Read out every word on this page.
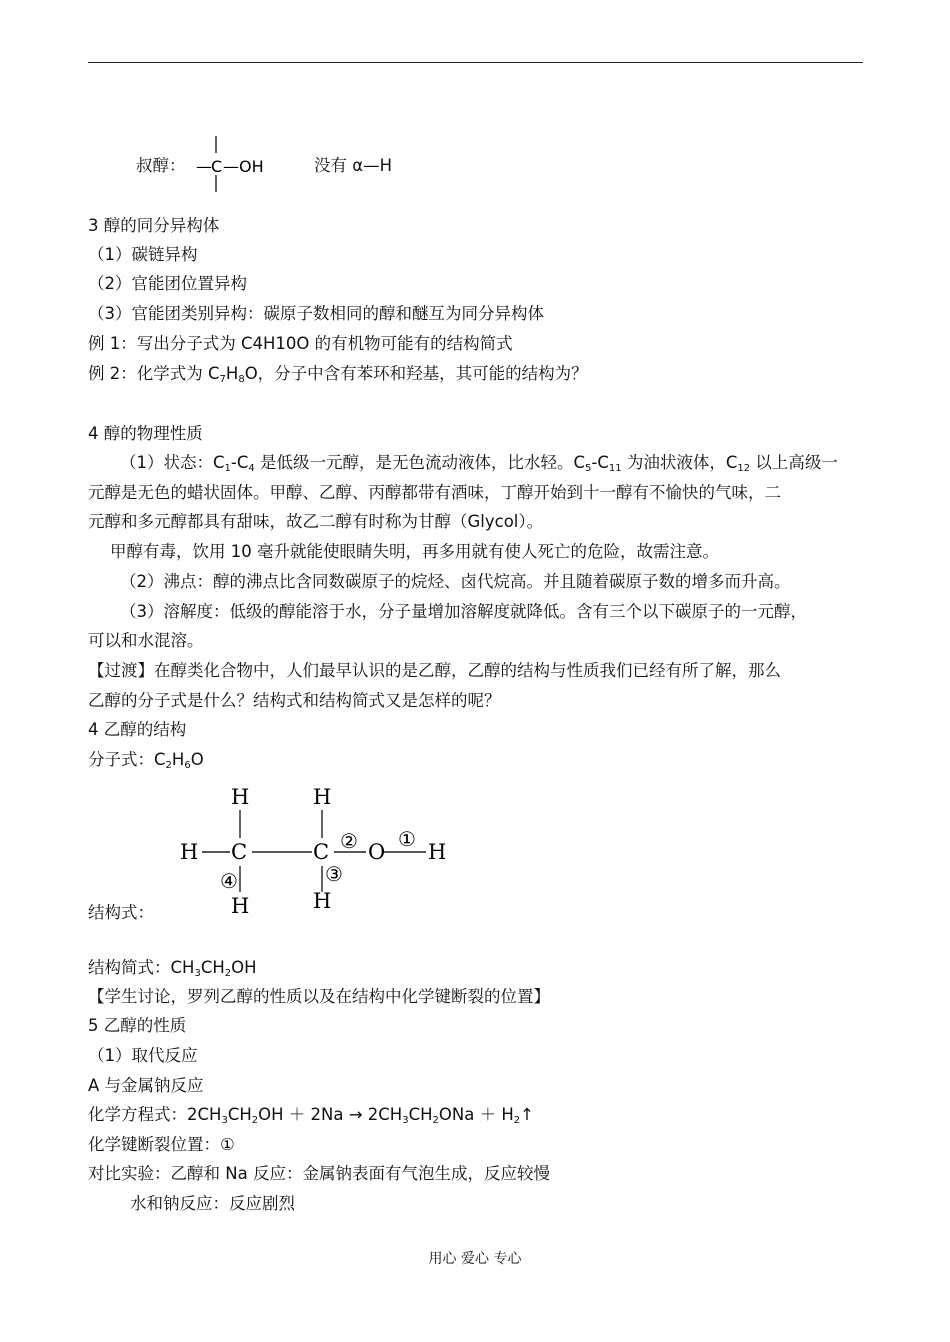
叔醇： — C —OH	没有 α—H
3 醇的同分异构体
（1）碳链异构
（2）官能团位置异构
（3）官能团类别异构：碳原子数相同的醇和醚互为同分异构体
例 1：写出分子式为 C4H10O 的有机物可能有的结构简式
例 2：化学式为 $C_7H_8O$，分子中含有苯环和羟基，其可能的结构为？
4 醇的物理性质
（1）状态：$C_1-C_4$ 是低级一元醇，是无色流动液体，比水轻。$C_5-C_{11}$ 为油状液体，$C_{12}$ 以上高级一
元醇是无色的蜡状固体。甲醇、乙醇、丙醇都带有酒味，丁醇开始到十一醇有不愉快的气味，二
元醇和多元醇都具有甜味，故乙二醇有时称为甘醇（Glycol）。
甲醇有毒，饮用 10 毫升就能使眼睛失明，再多用就有使人死亡的危险，故需注意。
（2）沸点：醇的沸点比含同数碳原子的烷烃、卤代烷高。并且随着碳原子数的增多而升高。
（3）溶解度：低级的醇能溶于水，分子量增加溶解度就降低。含有三个以下碳原子的一元醇，
可以和水混溶。
【过渡】在醇类化合物中，人们最早认识的是乙醇，乙醇的结构与性质我们已经有所了解，那么
乙醇的分子式是什么？结构式和结构简式又是怎样的呢？
4 乙醇的结构
分子式：$C_2H_6O$
H	H
H C	C O H
H	H
①
②
③
④
结构式：
结构简式：$CH_3CH_2OH$
【学生讨论，罗列乙醇的性质以及在结构中化学键断裂的位置】
5 乙醇的性质
（1）取代反应
A 与金属钠反应
化学方程式：$2CH_3CH_2OH + 2Na \to 2CH_3CH_2ONa$ ＋ $H_2↑$
化学键断裂位置：①
对比实验：乙醇和 Na 反应：金属钠表面有气泡生成，反应较慢
水和钠反应：反应剧烈
用心 爱心 专心
